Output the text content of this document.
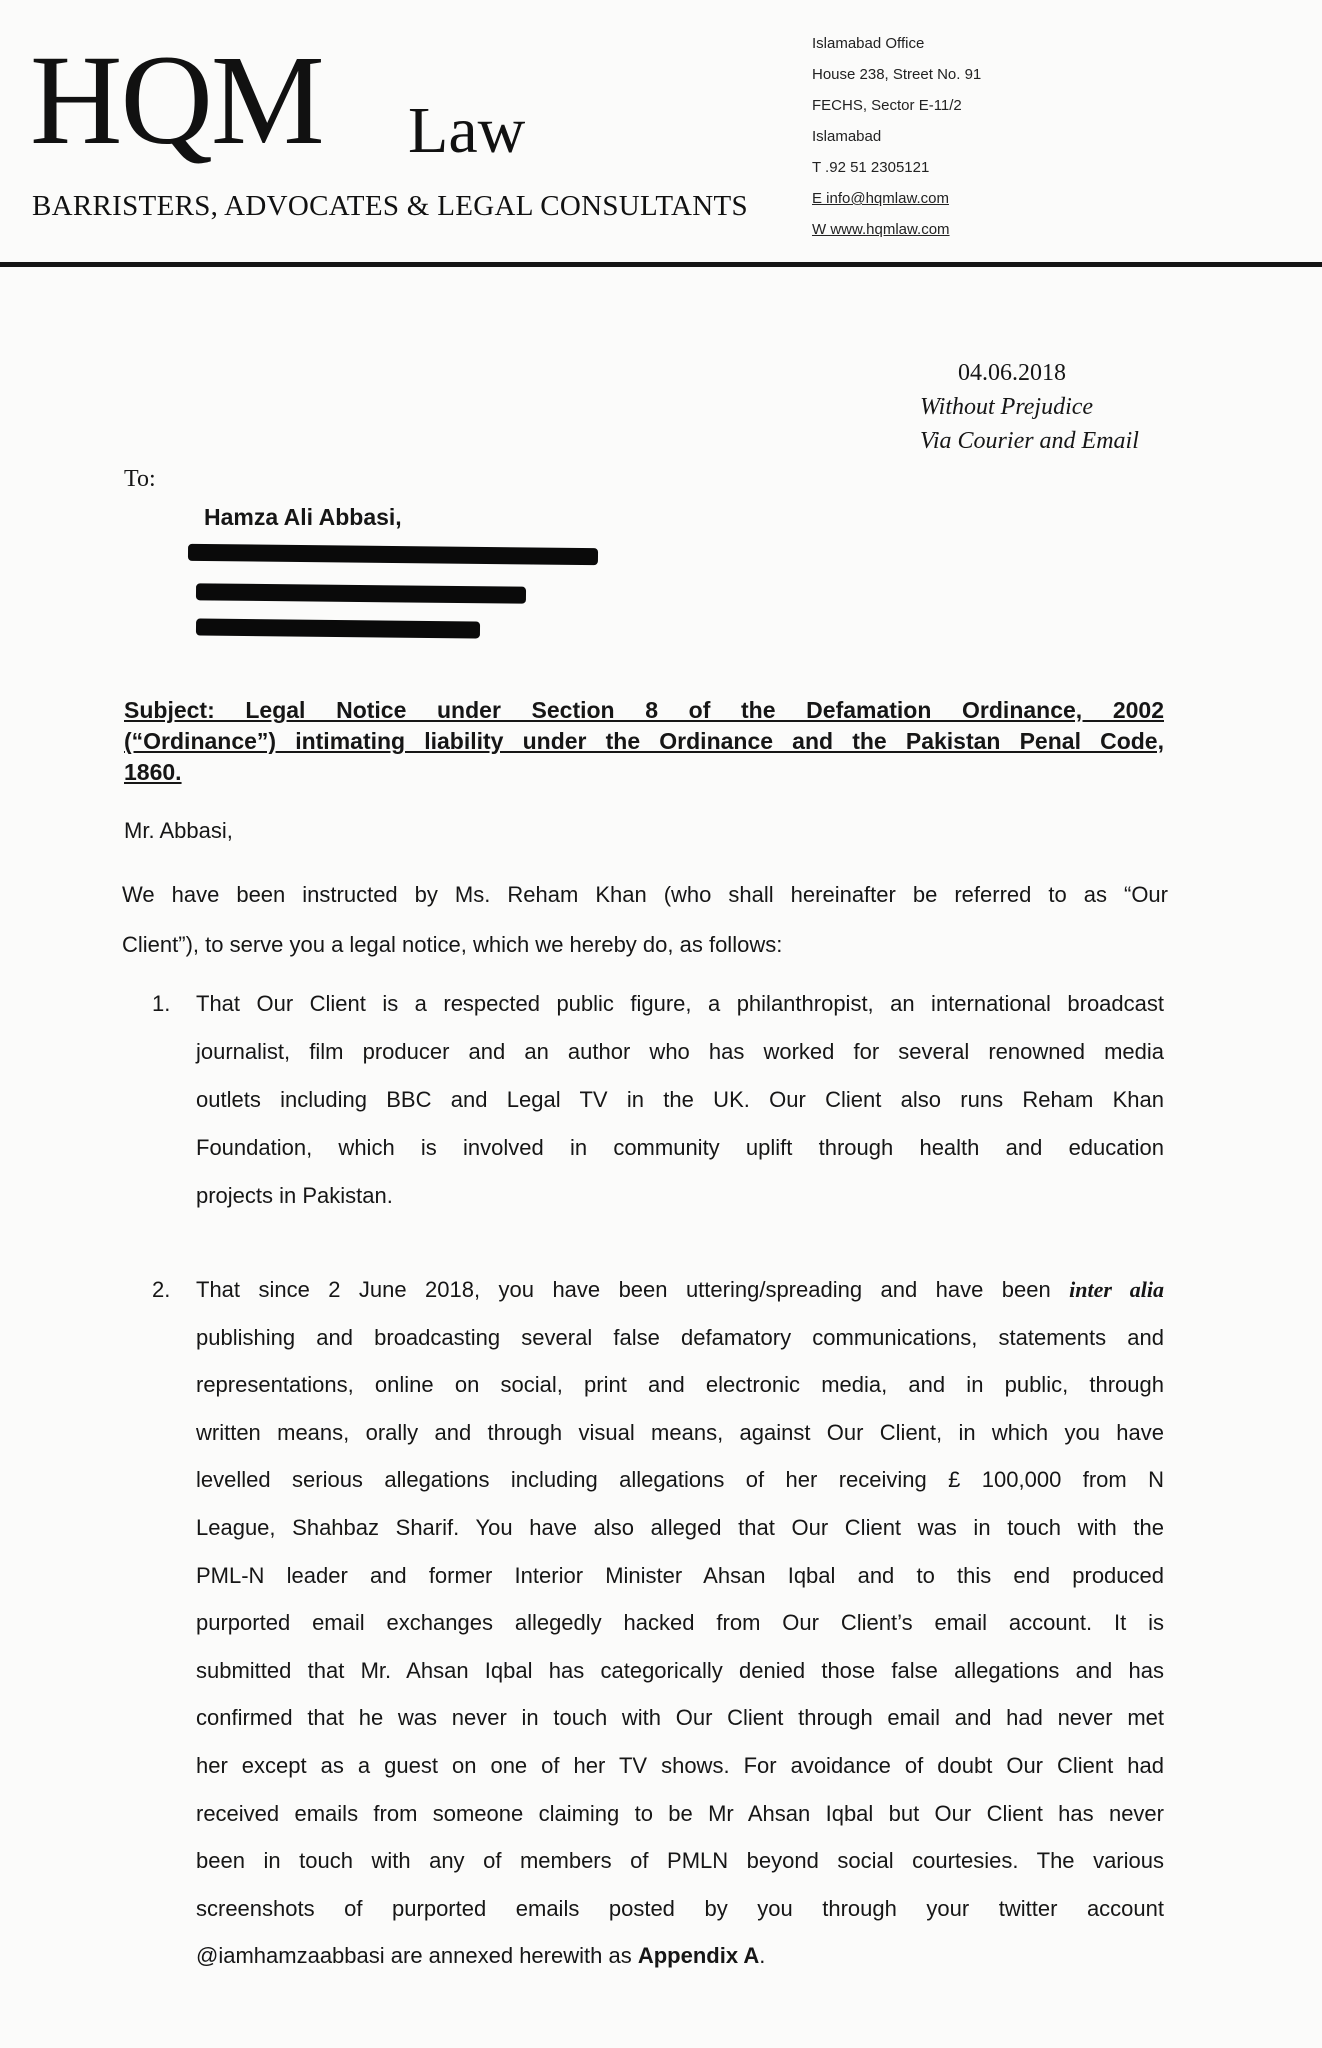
HQM Law
BARRISTERS, ADVOCATES & LEGAL CONSULTANTS
Islamabad Office
House 238, Street No. 91
FECHS, Sector E-11/2
Islamabad
T .92 51 2305121
E info@hqmlaw.com
W www.hqmlaw.com
04.06.2018
Without Prejudice
Via Courier and Email
To:
Hamza Ali Abbasi,
Subject: Legal Notice under Section 8 of the Defamation Ordinance, 2002
(“Ordinance”) intimating liability under the Ordinance and the Pakistan Penal Code,
1860.
Mr. Abbasi,
We have been instructed by Ms. Reham Khan (who shall hereinafter be referred to as “Our
Client”), to serve you a legal notice, which we hereby do, as follows:
1.	That Our Client is a respected public figure, a philanthropist, an international broadcast
journalist, film producer and an author who has worked for several renowned media
outlets including BBC and Legal TV in the UK. Our Client also runs Reham Khan
Foundation, which is involved in community uplift through health and education
projects in Pakistan.
2.	That since 2 June 2018, you have been uttering/spreading and have been inter alia
publishing and broadcasting several false defamatory communications, statements and
representations, online on social, print and electronic media, and in public, through
written means, orally and through visual means, against Our Client, in which you have
levelled serious allegations including allegations of her receiving £ 100,000 from N
League, Shahbaz Sharif. You have also alleged that Our Client was in touch with the
PML-N leader and former Interior Minister Ahsan Iqbal and to this end produced
purported email exchanges allegedly hacked from Our Client’s email account. It is
submitted that Mr. Ahsan Iqbal has categorically denied those false allegations and has
confirmed that he was never in touch with Our Client through email and had never met
her except as a guest on one of her TV shows. For avoidance of doubt Our Client had
received emails from someone claiming to be Mr Ahsan Iqbal but Our Client has never
been in touch with any of members of PMLN beyond social courtesies. The various
screenshots of purported emails posted by you through your twitter account
@iamhamzaabbasi are annexed herewith as Appendix A.
